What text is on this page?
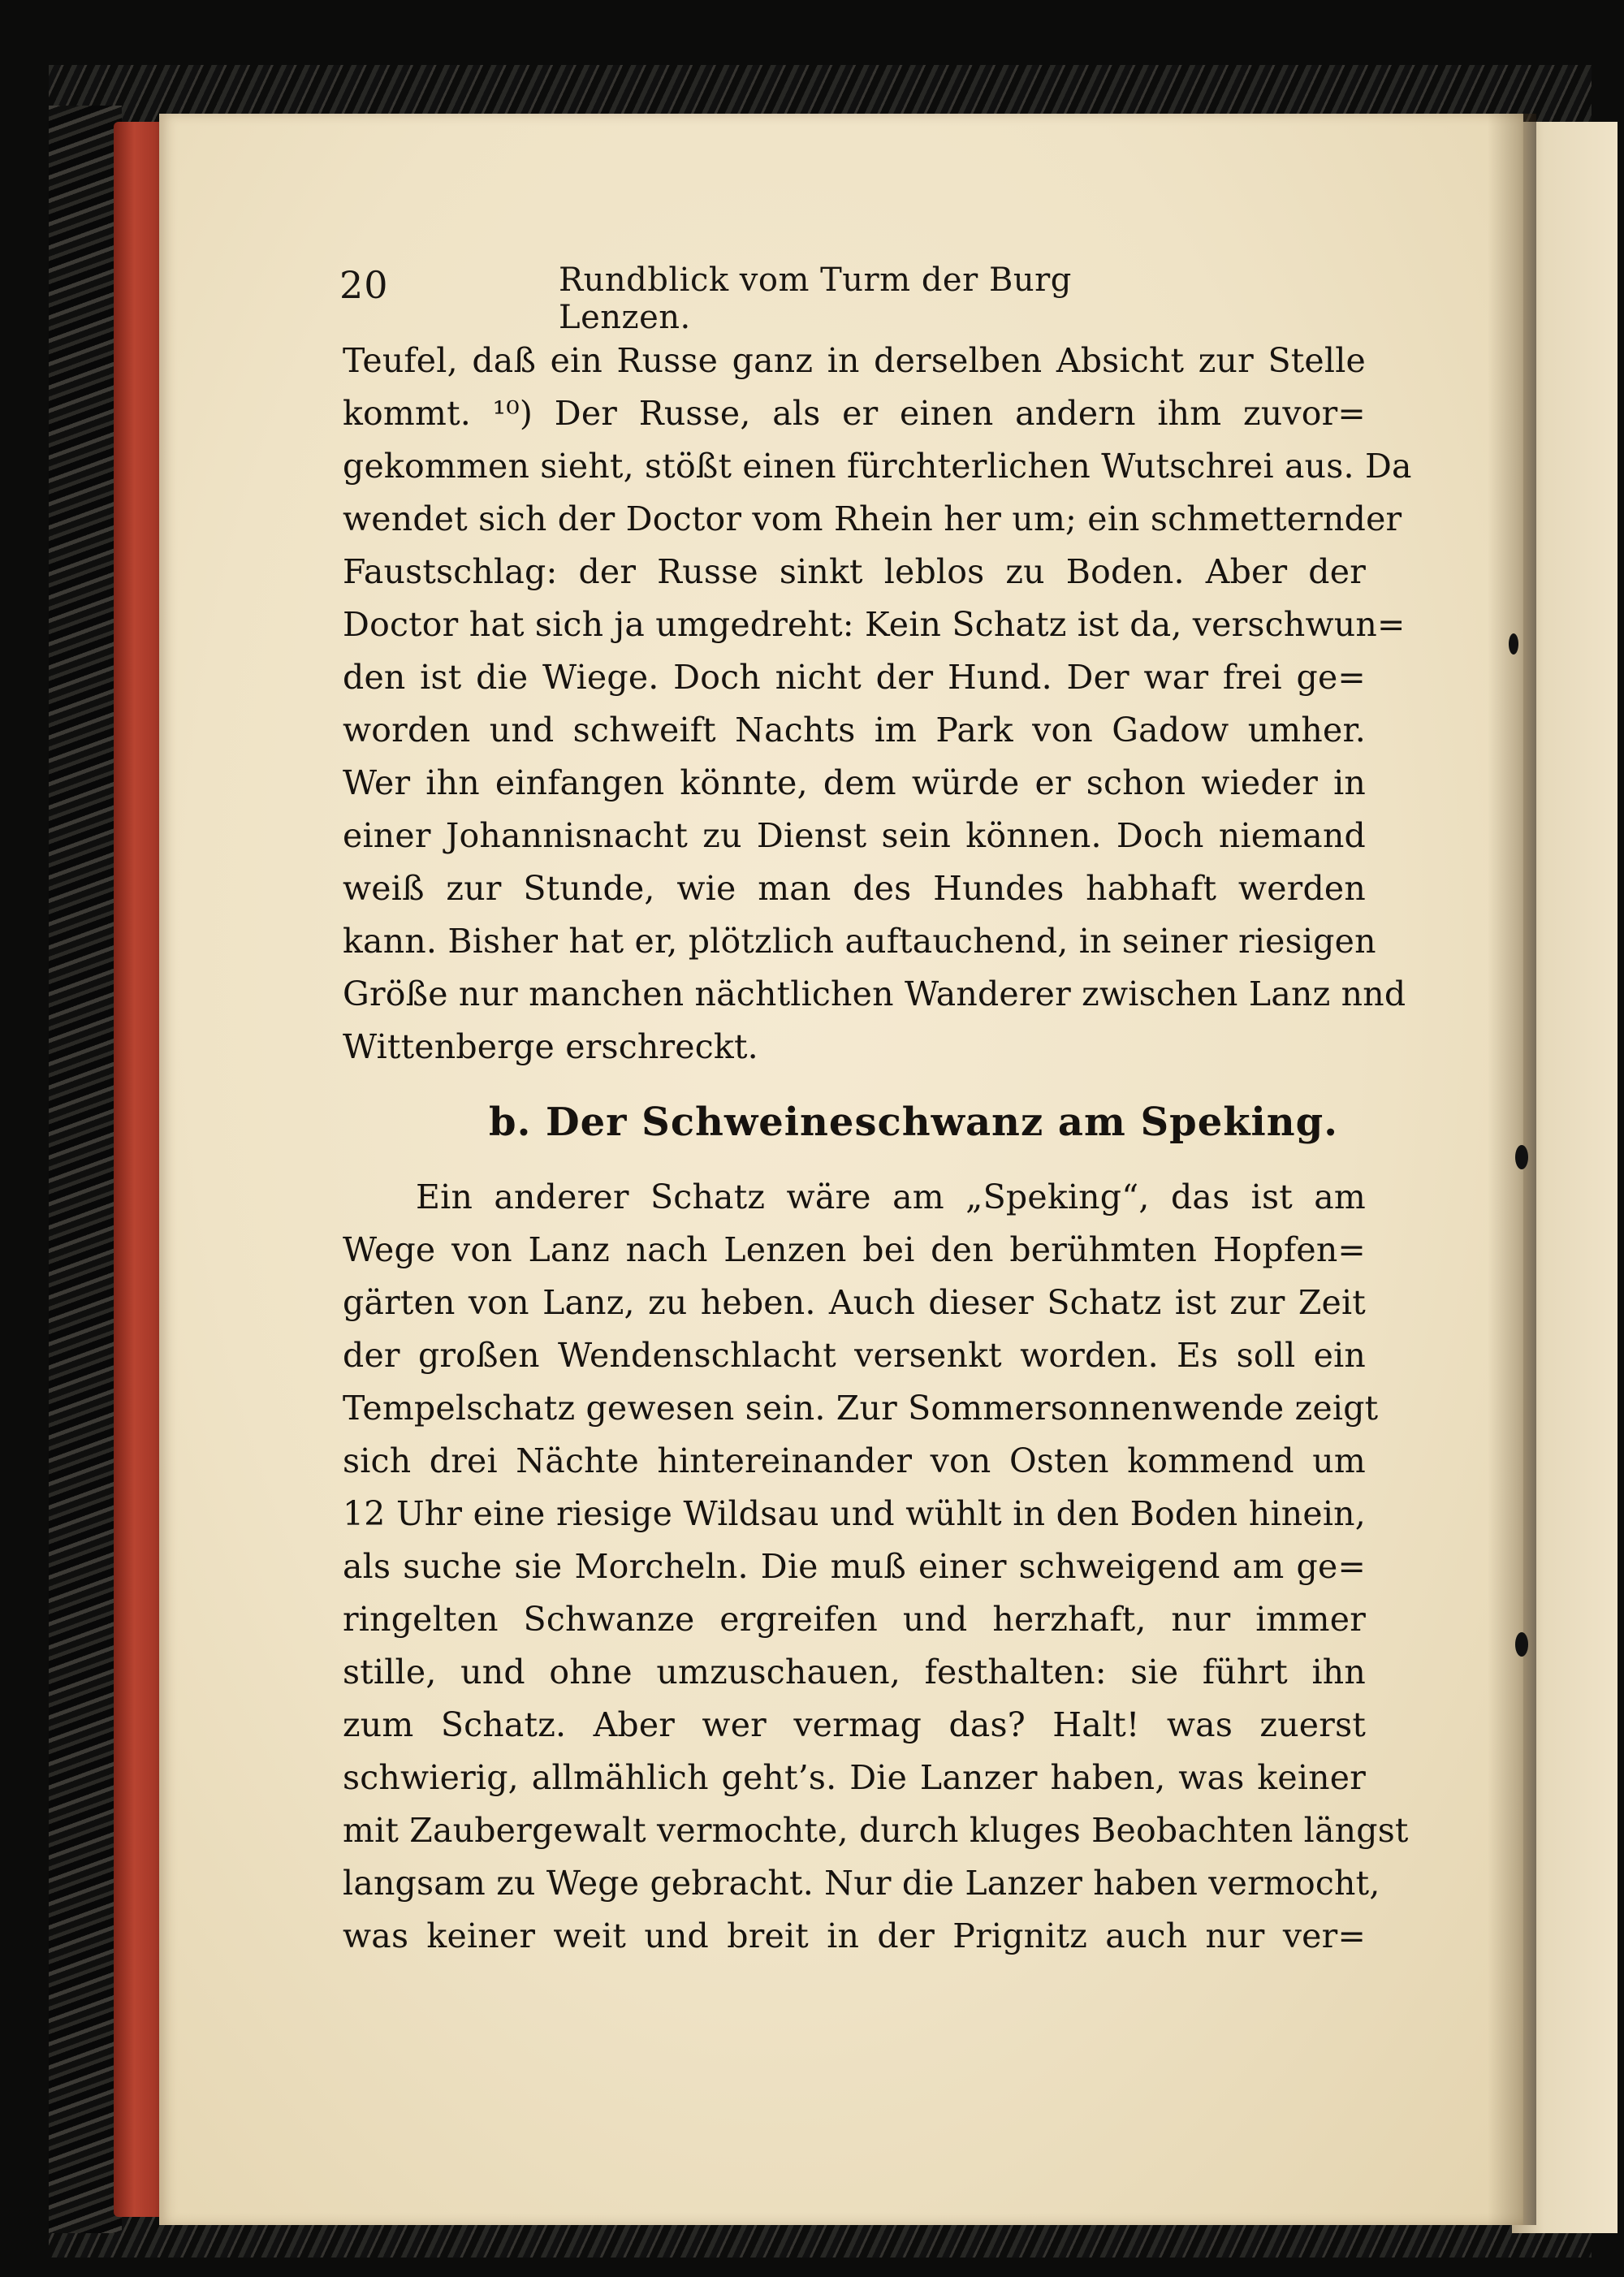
20	Rundblick vom Turm der Burg Lenzen.
Teufel, daß ein Russe ganz in derselben Absicht zur Stelle
kommt. ¹⁰) Der Russe, als er einen andern ihm zuvor=
gekommen sieht, stößt einen fürchterlichen Wutschrei aus. Da
wendet sich der Doctor vom Rhein her um; ein schmetternder
Faustschlag: der Russe sinkt leblos zu Boden. Aber der
Doctor hat sich ja umgedreht: Kein Schatz ist da, verschwun=
den ist die Wiege. Doch nicht der Hund. Der war frei ge=
worden und schweift Nachts im Park von Gadow umher.
Wer ihn einfangen könnte, dem würde er schon wieder in
einer Johannisnacht zu Dienst sein können. Doch niemand
weiß zur Stunde, wie man des Hundes habhaft werden
kann. Bisher hat er, plötzlich auftauchend, in seiner riesigen
Größe nur manchen nächtlichen Wanderer zwischen Lanz nnd
Wittenberge erschreckt.
b. Der Schweineschwanz am Speking.
Ein anderer Schatz wäre am „Speking“, das ist am
Wege von Lanz nach Lenzen bei den berühmten Hopfen=
gärten von Lanz, zu heben. Auch dieser Schatz ist zur Zeit
der großen Wendenschlacht versenkt worden. Es soll ein
Tempelschatz gewesen sein. Zur Sommersonnenwende zeigt
sich drei Nächte hintereinander von Osten kommend um
12 Uhr eine riesige Wildsau und wühlt in den Boden hinein,
als suche sie Morcheln. Die muß einer schweigend am ge=
ringelten Schwanze ergreifen und herzhaft, nur immer
stille, und ohne umzuschauen, festhalten: sie führt ihn
zum Schatz. Aber wer vermag das? Halt! was zuerst
schwierig, allmählich geht’s. Die Lanzer haben, was keiner
mit Zaubergewalt vermochte, durch kluges Beobachten längst
langsam zu Wege gebracht. Nur die Lanzer haben vermocht,
was keiner weit und breit in der Prignitz auch nur ver=
